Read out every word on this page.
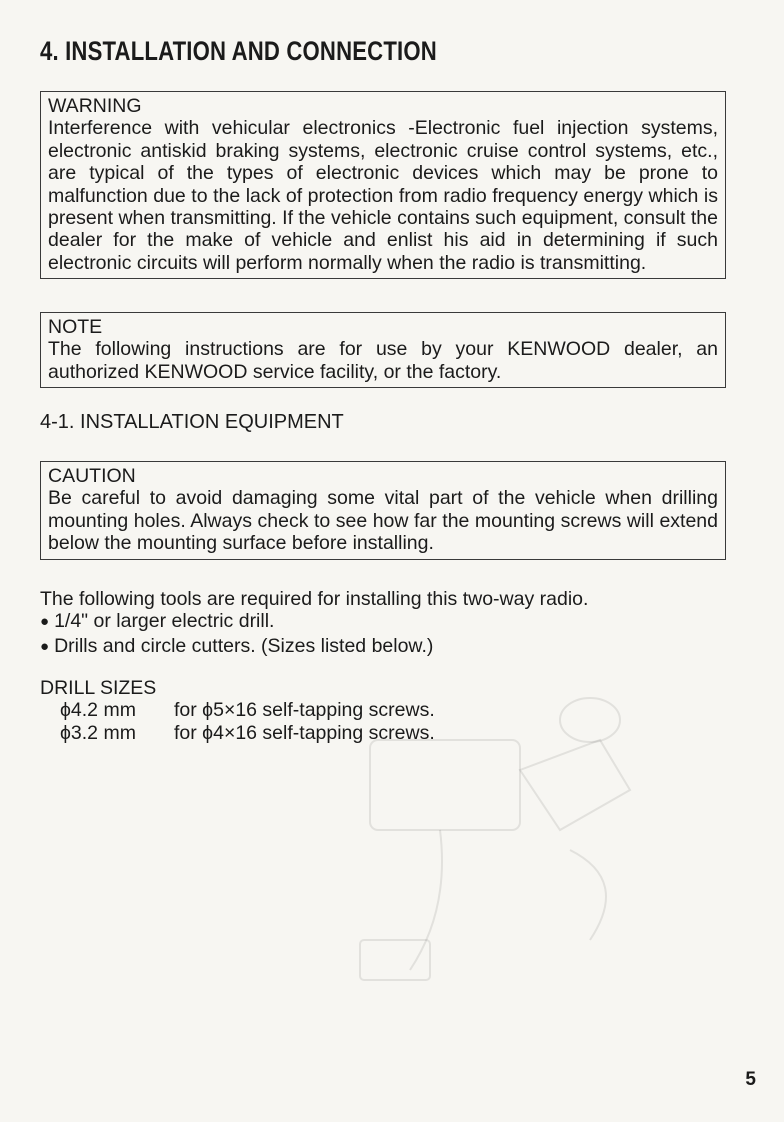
4. INSTALLATION AND CONNECTION
WARNING
Interference with vehicular electronics -Electronic fuel injection systems, electronic antiskid braking systems, electronic cruise control systems, etc., are typical of the types of electronic devices which may be prone to malfunction due to the lack of protection from radio frequency energy which is present when transmitting. If the vehicle contains such equipment, consult the dealer for the make of vehicle and enlist his aid in determining if such electronic circuits will perform normally when the radio is transmitting.
NOTE
The following instructions are for use by your KENWOOD dealer, an authorized KENWOOD service facility, or the factory.
4-1. INSTALLATION EQUIPMENT
CAUTION
Be careful to avoid damaging some vital part of the vehicle when drilling mounting holes. Always check to see how far the mounting screws will extend below the mounting surface before installing.
The following tools are required for installing this two-way radio.
● 1/4" or larger electric drill.
● Drills and circle cutters. (Sizes listed below.)
DRILL SIZES
ϕ4.2 mm	for ϕ5×16 self-tapping screws.
ϕ3.2 mm	for ϕ4×16 self-tapping screws.
5
